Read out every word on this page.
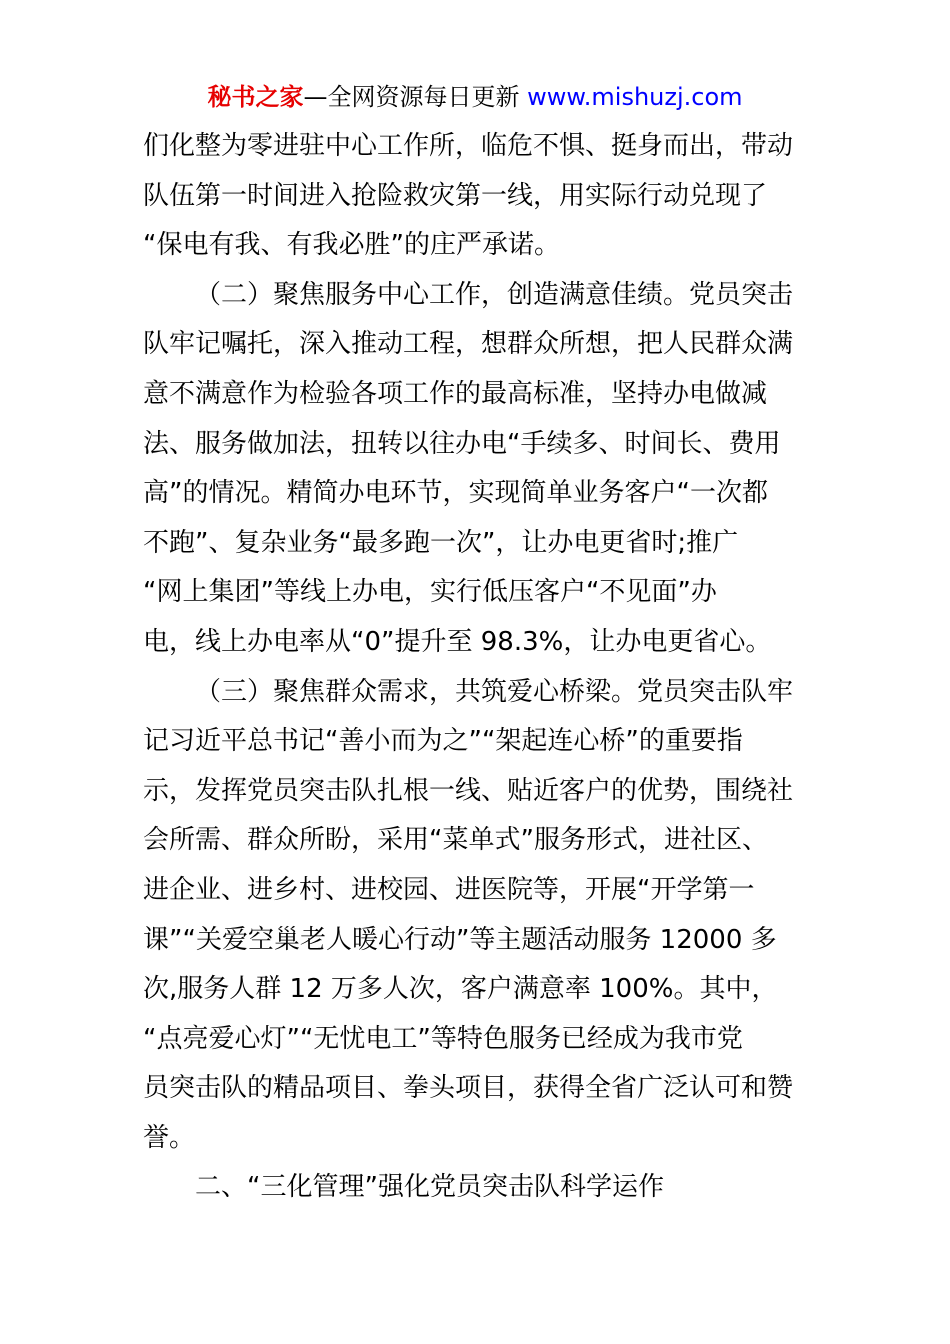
秘书之家—全网资源每日更新 www.mishuzj.com
们化整为零进驻中心工作所，临危不惧、挺身而出，带动
队伍第一时间进入抢险救灾第一线，用实际行动兑现了
“保电有我、有我必胜”的庄严承诺。
（二）聚焦服务中心工作，创造满意佳绩。党员突击
队牢记嘱托，深入推动工程，想群众所想，把人民群众满
意不满意作为检验各项工作的最高标准，坚持办电做减
法、服务做加法，扭转以往办电“手续多、时间长、费用
高”的情况。精简办电环节，实现简单业务客户“一次都
不跑”、复杂业务“最多跑一次”，让办电更省时;推广
“网上集团”等线上办电，实行低压客户“不见面”办
电，线上办电率从“0”提升至 98.3%，让办电更省心。
（三）聚焦群众需求，共筑爱心桥梁。党员突击队牢
记习近平总书记“善小而为之”“架起连心桥”的重要指
示，发挥党员突击队扎根一线、贴近客户的优势，围绕社
会所需、群众所盼，采用“菜单式”服务形式，进社区、
进企业、进乡村、进校园、进医院等，开展“开学第一
课”“关爱空巢老人暖心行动”等主题活动服务 12000 多
次,服务人群 12 万多人次，客户满意率 100%。其中，
“点亮爱心灯”“无忧电工”等特色服务已经成为我市党
员突击队的精品项目、拳头项目，获得全省广泛认可和赞
誉。
二、“三化管理”强化党员突击队科学运作
